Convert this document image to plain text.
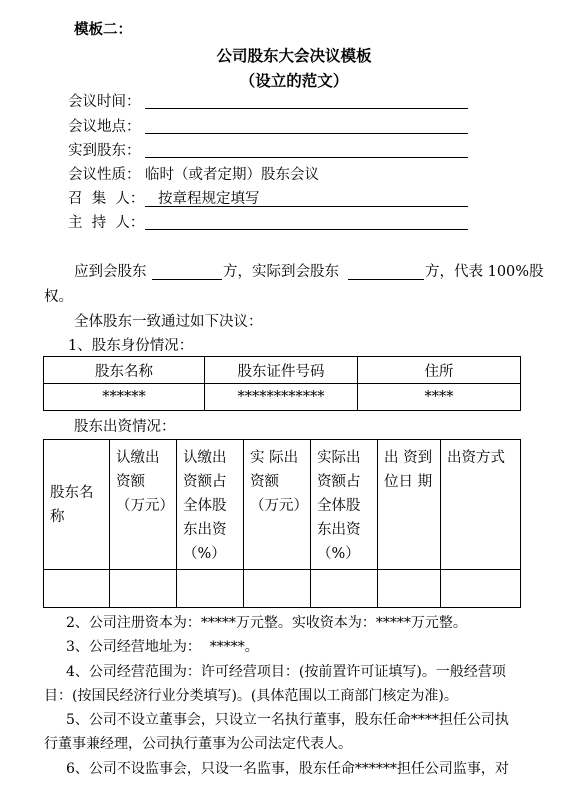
模板二：
公司股东大会决议模板
（设立的范文）
会议时间：
会议地点：
实到股东：
会议性质： 临时（或者定期）股东会议
召  集  人： 按章程规定填写
主  持  人：
应到会股东	方，实际到会股东	方，代表 100%股
权。
全体股东一致通过如下决议：
1、股东身份情况：
股东名称	股东证件号码	住所
******	************	****
股东出资情况：
股东名称	认缴出资额（万元）	认缴出资额占全体股东出资（%）	实 际出资额（万元）	实际出资额占全体股东出资（%）	出 资到 位日 期	出资方式

2、公司注册资本为：*****万元整。实收资本为：*****万元整。
3、公司经营地址为：  *****。
4、公司经营范围为：许可经营项目：(按前置许可证填写)。一般经营项
目：(按国民经济行业分类填写)。(具体范围以工商部门核定为准)。
5、公司不设立董事会，只设立一名执行董事，股东任命****担任公司执
行董事兼经理，公司执行董事为公司法定代表人。
6、公司不设监事会，只设一名监事，股东任命******担任公司监事，对
